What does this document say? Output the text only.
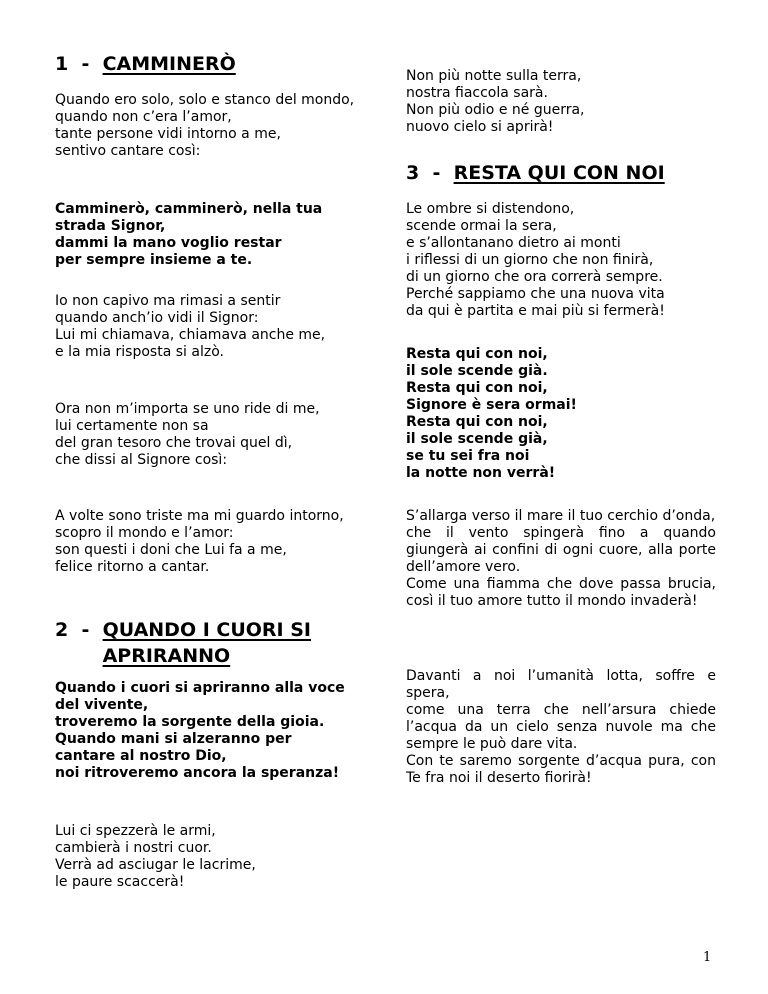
1  - CAMMINERÒ

Quando ero solo, solo e stanco del mondo,
quando non c’era l’amor,
tante persone vidi intorno a me,
sentivo cantare così:

Camminerò, camminerò, nella tua strada Signor,
dammi la mano voglio restar
per sempre insieme a te.

Io non capivo ma rimasi a sentir
quando anch’io vidi il Signor:
Lui mi chiamava, chiamava anche me,
e la mia risposta si alzò.

Ora non m’importa se uno ride di me,
lui certamente non sa
del gran tesoro che trovai quel dì,
che dissi al Signore così:

A volte sono triste ma mi guardo intorno,
scopro il mondo e l’amor:
son questi i doni che Lui fa a me,
felice ritorno a cantar.

2  - QUANDO I CUORI SI APRIRANNO

Quando i cuori si apriranno alla voce del vivente,
troveremo la sorgente della gioia.
Quando mani si alzeranno per cantare al nostro Dio,
noi ritroveremo ancora la speranza!

Lui ci spezzerà le armi,
cambierà i nostri cuor.
Verrà ad asciugar le lacrime,
le paure scaccerà!

Non più notte sulla terra,
nostra fiaccola sarà.
Non più odio e né guerra,
nuovo cielo si aprirà!

3  - RESTA QUI CON NOI

Le ombre si distendono,
scende ormai la sera,
e s’allontanano dietro ai monti
i riflessi di un giorno che non finirà,
di un giorno che ora correrà sempre.
Perché sappiamo che una nuova vita
da qui è partita e mai più si fermerà!

Resta qui con noi,
il sole scende già.
Resta qui con noi,
Signore è sera ormai!
Resta qui con noi,
il sole scende già,
se tu sei fra noi
la notte non verrà!

S’allarga verso il mare il tuo cerchio d’onda,
che il vento spingerà fino a quando giungerà ai confini di ogni cuore, alla porte dell’amore vero.
Come una fiamma che dove passa brucia, così il tuo amore tutto il mondo invaderà!

Davanti a noi l’umanità lotta, soffre e spera,
come una terra che nell’arsura chiede l’acqua da un cielo senza nuvole ma che sempre le può dare vita.
Con te saremo sorgente d’acqua pura, con Te fra noi il deserto fiorirà!

1
